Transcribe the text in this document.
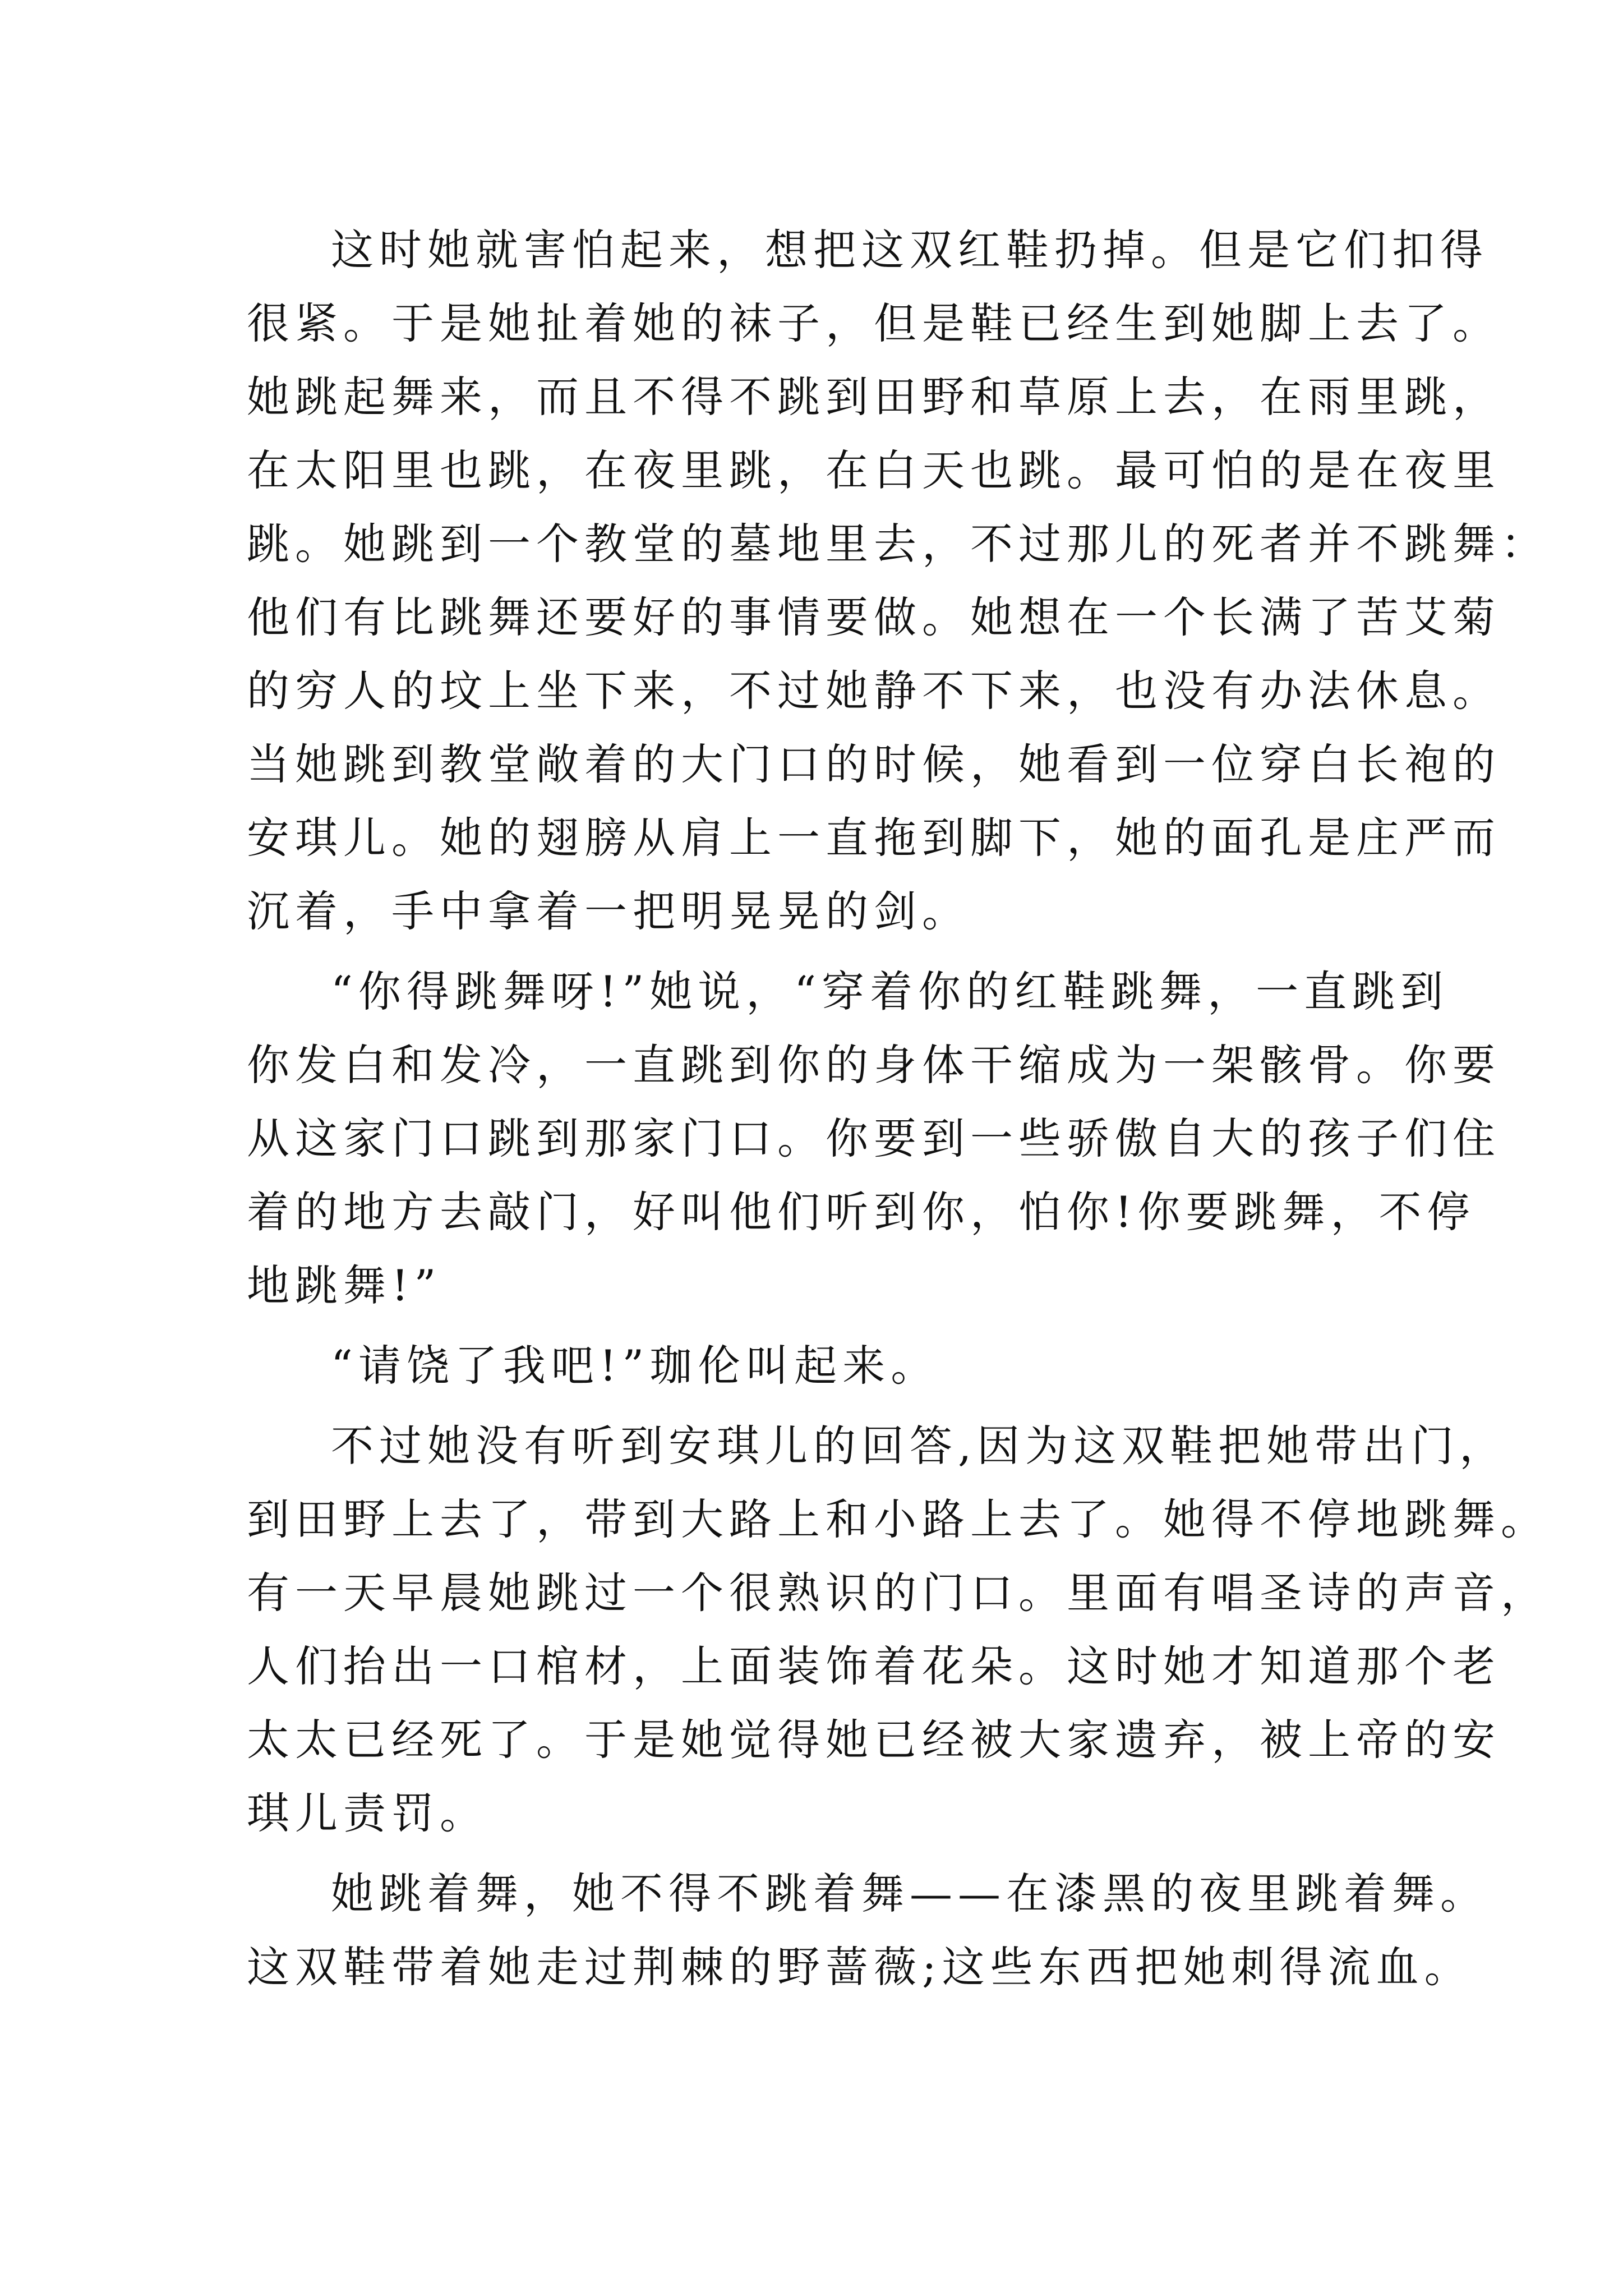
这时她就害怕起来，想把这双红鞋扔掉。但是它们扣得

很紧。于是她扯着她的袜子，但是鞋已经生到她脚上去了。

她跳起舞来，而且不得不跳到田野和草原上去，在雨里跳，

在太阳里也跳，在夜里跳，在白天也跳。最可怕的是在夜里

跳。她跳到一个教堂的墓地里去，不过那儿的死者并不跳舞：

他们有比跳舞还要好的事情要做。她想在一个长满了苦艾菊

的穷人的坟上坐下来，不过她静不下来，也没有办法休息。

当她跳到教堂敞着的大门口的时候，她看到一位穿白长袍的

安琪儿。她的翅膀从肩上一直拖到脚下，她的面孔是庄严而

沉着，手中拿着一把明晃晃的剑。

“你得跳舞呀!”她说，“穿着你的红鞋跳舞，一直跳到

你发白和发冷，一直跳到你的身体干缩成为一架骸骨。你要

从这家门口跳到那家门口。你要到一些骄傲自大的孩子们住

着的地方去敲门，好叫他们听到你，怕你!你要跳舞，不停

地跳舞!”

“请饶了我吧!”珈伦叫起来。

不过她没有听到安琪儿的回答,因为这双鞋把她带出门，

到田野上去了，带到大路上和小路上去了。她得不停地跳舞。

有一天早晨她跳过一个很熟识的门口。里面有唱圣诗的声音，

人们抬出一口棺材，上面装饰着花朵。这时她才知道那个老

太太已经死了。于是她觉得她已经被大家遗弃，被上帝的安

琪儿责罚。

她跳着舞，她不得不跳着舞——在漆黑的夜里跳着舞。

这双鞋带着她走过荆棘的野蔷薇;这些东西把她刺得流血。
